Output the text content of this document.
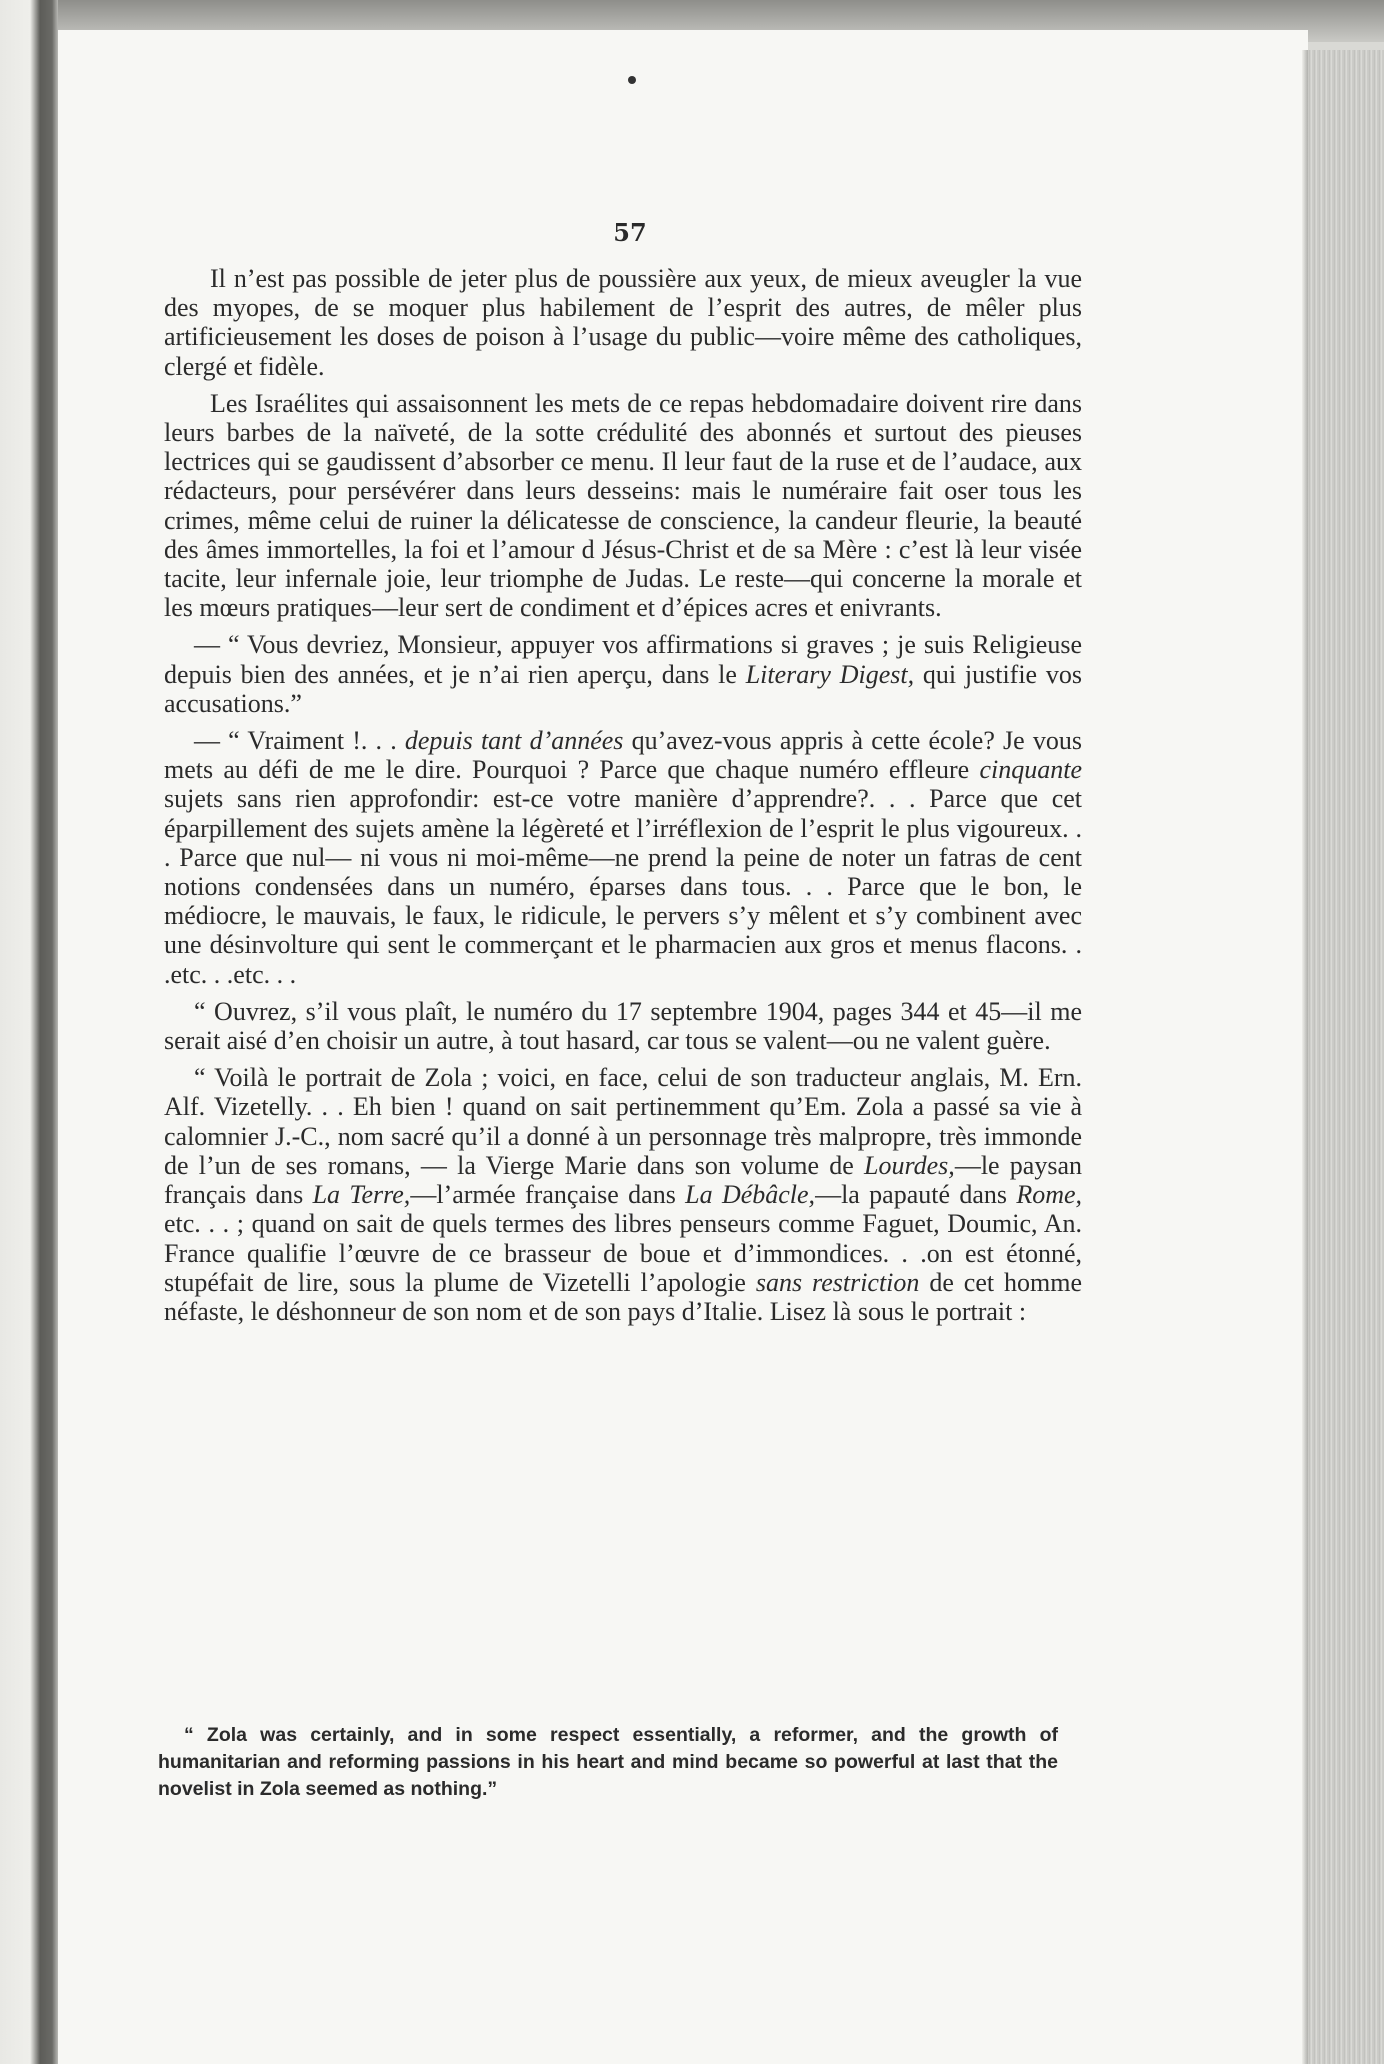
57

Il n’est pas possible de jeter plus de poussière aux yeux, de mieux aveugler la vue des myopes, de se moquer plus habilement de l’esprit des autres, de mêler plus artificieusement les doses de poison à l’usage du public—voire même des catholiques, clergé et fidèle.

Les Israélites qui assaisonnent les mets de ce repas hebdomadaire doivent rire dans leurs barbes de la naïveté, de la sotte crédulité des abonnés et surtout des pieuses lectrices qui se gaudissent d’absorber ce menu. Il leur faut de la ruse et de l’audace, aux rédacteurs, pour persévérer dans leurs desseins: mais le numéraire fait oser tous les crimes, même celui de ruiner la délicatesse de conscience, la candeur fleurie, la beauté des âmes immortelles, la foi et l’amour d Jésus-Christ et de sa Mère : c’est là leur visée tacite, leur infernale joie, leur triomphe de Judas. Le reste—qui concerne la morale et les mœurs pratiques—leur sert de condiment et d’épices acres et enivrants.

— “ Vous devriez, Monsieur, appuyer vos affirmations si graves ; je suis Religieuse depuis bien des années, et je n’ai rien aperçu, dans le Literary Digest, qui justifie vos accusations.”

— “ Vraiment !. . . depuis tant d’années qu’avez-vous appris à cette école? Je vous mets au défi de me le dire. Pourquoi ? Parce que chaque numéro effleure cinquante sujets sans rien approfondir: est-ce votre manière d’apprendre?. . . Parce que cet éparpillement des sujets amène la légèreté et l’irréflexion de l’esprit le plus vigoureux. . . Parce que nul— ni vous ni moi-même—ne prend la peine de noter un fatras de cent notions condensées dans un numéro, éparses dans tous. . . Parce que le bon, le médiocre, le mauvais, le faux, le ridicule, le pervers s’y mêlent et s’y combinent avec une désinvolture qui sent le commerçant et le pharmacien aux gros et menus flacons. . .etc. . .etc. . .

“ Ouvrez, s’il vous plaît, le numéro du 17 septembre 1904, pages 344 et 45—il me serait aisé d’en choisir un autre, à tout hasard, car tous se valent—ou ne valent guère.

“ Voilà le portrait de Zola ; voici, en face, celui de son traducteur anglais, M. Ern. Alf. Vizetelly. . . Eh bien ! quand on sait pertinemment qu’Em. Zola a passé sa vie à calomnier J.-C., nom sacré qu’il a donné à un personnage très malpropre, très immonde de l’un de ses romans, — la Vierge Marie dans son volume de Lourdes,—le paysan français dans La Terre,—l’armée française dans La Débâcle,—la papauté dans Rome, etc. . . ; quand on sait de quels termes des libres penseurs comme Faguet, Doumic, An. France qualifie l’œuvre de ce brasseur de boue et d’immondices. . .on est étonné, stupéfait de lire, sous la plume de Vizetelli l’apologie sans restriction de cet homme néfaste, le déshonneur de son nom et de son pays d’Italie. Lisez là sous le portrait :

“ Zola was certainly, and in some respect essentially, a reformer, and the growth of humanitarian and reforming passions in his heart and mind became so powerful at last that the novelist in Zola seemed as nothing.”
